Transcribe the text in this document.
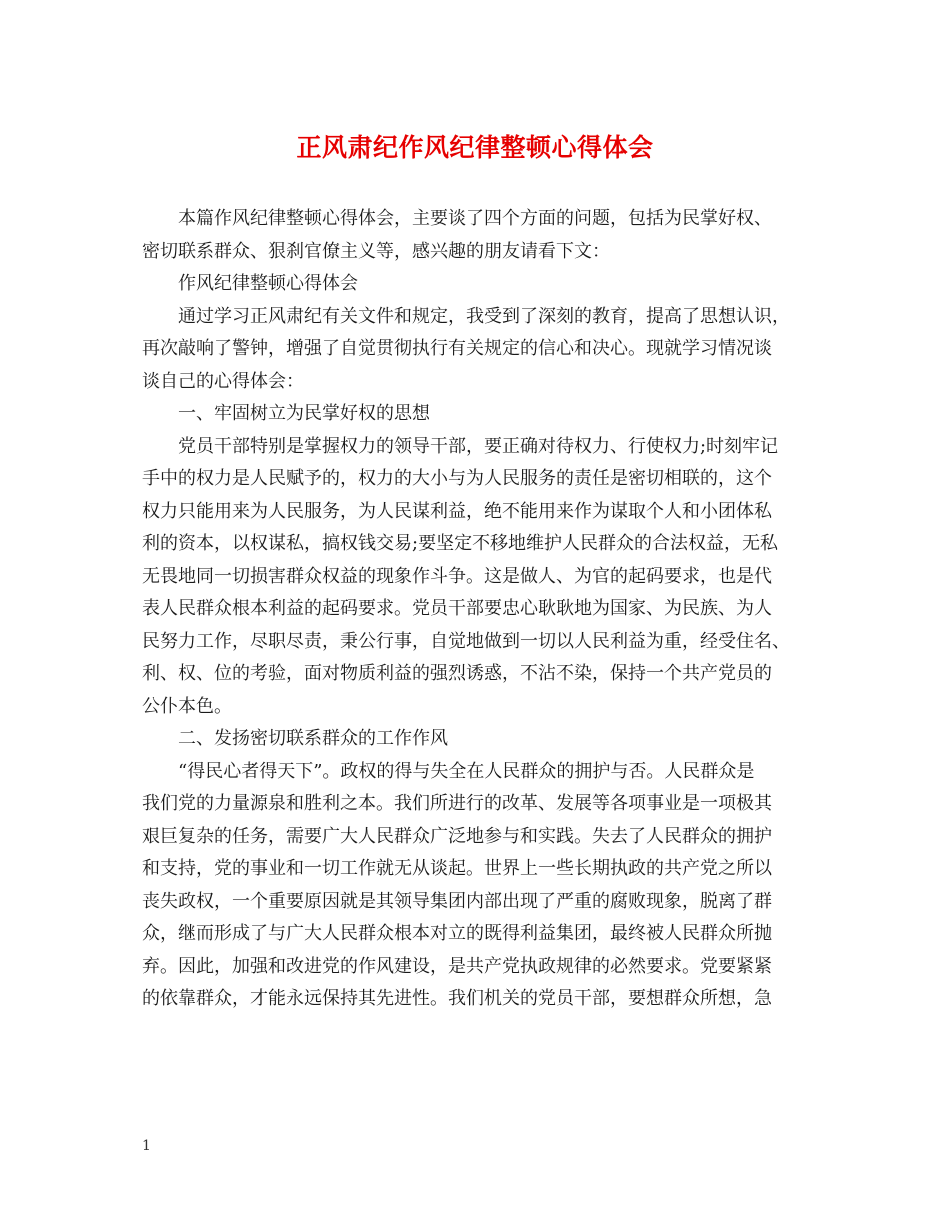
正风肃纪作风纪律整顿心得体会

本篇作风纪律整顿心得体会，主要谈了四个方面的问题，包括为民掌好权、
密切联系群众、狠刹官僚主义等，感兴趣的朋友请看下文：

作风纪律整顿心得体会

通过学习正风肃纪有关文件和规定，我受到了深刻的教育，提高了思想认识，
再次敲响了警钟，增强了自觉贯彻执行有关规定的信心和决心。现就学习情况谈
谈自己的心得体会：

一、牢固树立为民掌好权的思想

党员干部特别是掌握权力的领导干部，要正确对待权力、行使权力;时刻牢记
手中的权力是人民赋予的，权力的大小与为人民服务的责任是密切相联的，这个
权力只能用来为人民服务，为人民谋利益，绝不能用来作为谋取个人和小团体私
利的资本，以权谋私，搞权钱交易;要坚定不移地维护人民群众的合法权益，无私
无畏地同一切损害群众权益的现象作斗争。这是做人、为官的起码要求，也是代
表人民群众根本利益的起码要求。党员干部要忠心耿耿地为国家、为民族、为人
民努力工作，尽职尽责，秉公行事，自觉地做到一切以人民利益为重，经受住名、
利、权、位的考验，面对物质利益的强烈诱惑，不沾不染，保持一个共产党员的
公仆本色。

二、发扬密切联系群众的工作作风

“得民心者得天下”。政权的得与失全在人民群众的拥护与否。人民群众是
我们党的力量源泉和胜利之本。我们所进行的改革、发展等各项事业是一项极其
艰巨复杂的任务，需要广大人民群众广泛地参与和实践。失去了人民群众的拥护
和支持，党的事业和一切工作就无从谈起。世界上一些长期执政的共产党之所以
丧失政权，一个重要原因就是其领导集团内部出现了严重的腐败现象，脱离了群
众，继而形成了与广大人民群众根本对立的既得利益集团，最终被人民群众所抛
弃。因此，加强和改进党的作风建设，是共产党执政规律的必然要求。党要紧紧
的依靠群众，才能永远保持其先进性。我们机关的党员干部，要想群众所想，急

1
